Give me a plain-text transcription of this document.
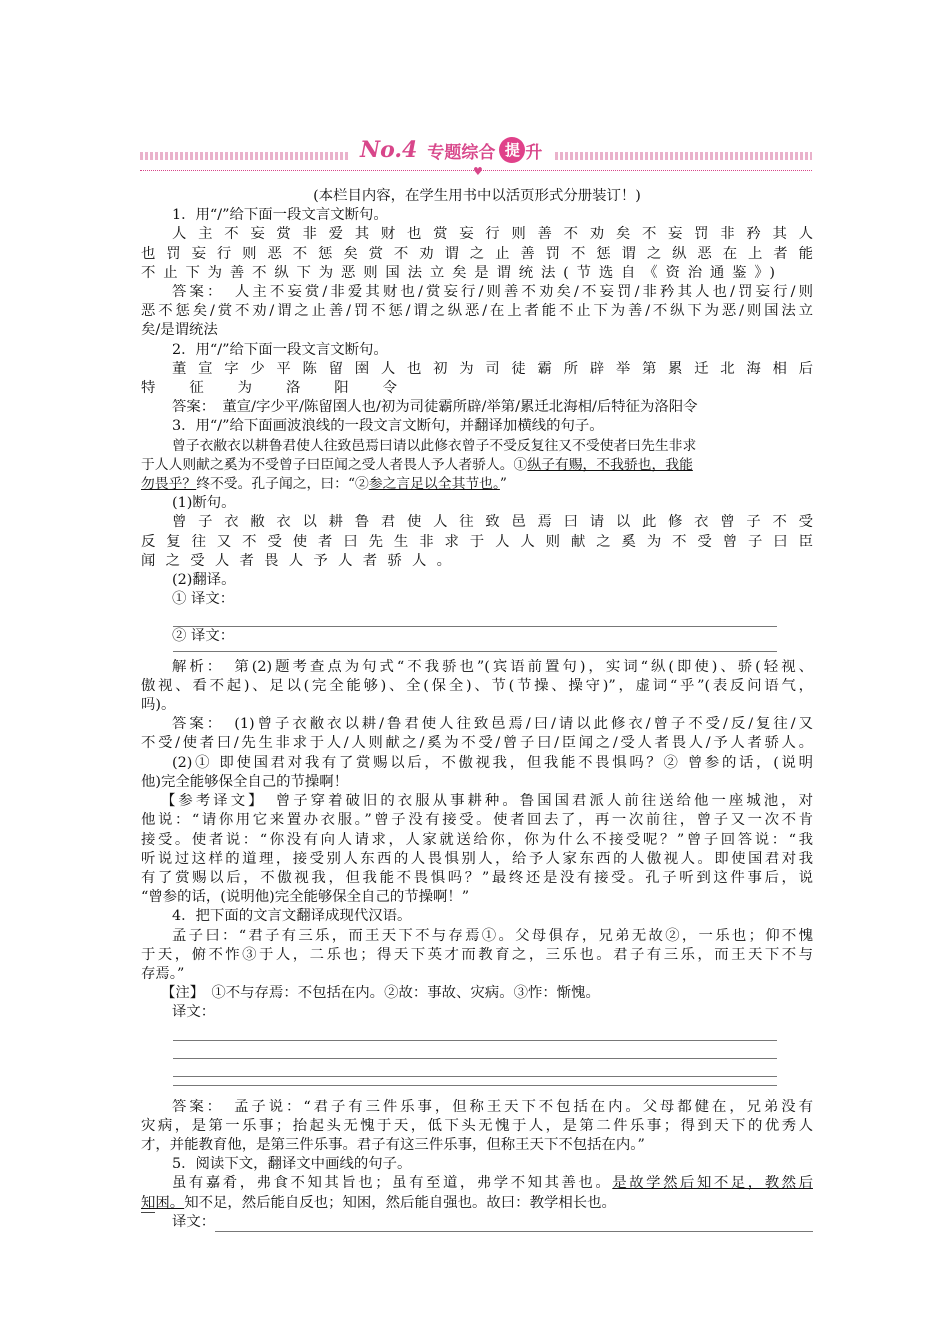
No.4 专题综合 提 升
♥

(本栏目内容，在学生用书中以活页形式分册装订！)

1．用“/”给下面一段文言文断句。

人主不妄赏非爱其财也赏妄行则善不劝矣不妄罚非矜其人

也罚妄行则恶不惩矣赏不劝谓之止善罚不惩谓之纵恶在上者能

不止下为善不纵下为恶则国法立矣是谓统法(节选自《资治通鉴》)

答案：　人主不妄赏/非爱其财也/赏妄行/则善不劝矣/不妄罚/非矜其人也/罚妄行/则

恶不惩矣/赏不劝/谓之止善/罚不惩/谓之纵恶/在上者能不止下为善/不纵下为恶/则国法立

矣/是谓统法

2．用“/”给下面一段文言文断句。

董宣字少平陈留圉人也初为司徒霸所辟举第累迁北海相后

特征为洛阳令

答案：　董宣/字少平/陈留圉人也/初为司徒霸所辟/举第/累迁北海相/后特征为洛阳令

3．用“/”给下面画波浪线的一段文言文断句，并翻译加横线的句子。

曾子衣敝衣以耕鲁君使人往致邑焉曰请以此修衣曾子不受反复往又不受使者曰先生非求

于人人则献之奚为不受曾子曰臣闻之受人者畏人予人者骄人。①纵子有赐，不我骄也，我能

勿畏乎？终不受。孔子闻之，曰：“②参之言足以全其节也。”

(1)断句。

曾子衣敝衣以耕鲁君使人往致邑焉曰请以此修衣曾子不受

反复往又不受使者曰先生非求于人人则献之奚为不受曾子曰臣

闻之受人者畏人予人者骄人。

(2)翻译。

① 译文：

② 译文：

解析：　第(2)题考查点为句式“不我骄也”(宾语前置句)，实词“纵(即使)、骄(轻视、

傲视、看不起)、足以(完全能够)、全(保全)、节(节操、操守)”，虚词“乎”(表反问语气，

吗)。

答案：　(1)曾子衣敝衣以耕/鲁君使人往致邑焉/曰/请以此修衣/曾子不受/反/复往/又

不受/使者曰/先生非求于人/人则献之/奚为不受/曾子曰/臣闻之/受人者畏人/予人者骄人。

(2)① 即使国君对我有了赏赐以后，不傲视我，但我能不畏惧吗？② 曾参的话，(说明

他)完全能够保全自己的节操啊！

【参考译文】　曾子穿着破旧的衣服从事耕种。鲁国国君派人前往送给他一座城池，对

他说：“请你用它来置办衣服。”曾子没有接受。使者回去了，再一次前往，曾子又一次不肯

接受。使者说：“你没有向人请求，人家就送给你，你为什么不接受呢？”曾子回答说：“我

听说过这样的道理，接受别人东西的人畏惧别人，给予人家东西的人傲视人。即使国君对我

有了赏赐以后，不傲视我，但我能不畏惧吗？”最终还是没有接受。孔子听到这件事后，说

“曾参的话，(说明他)完全能够保全自己的节操啊！”

4．把下面的文言文翻译成现代汉语。

孟子曰：“君子有三乐，而王天下不与存焉①。父母俱存，兄弟无故②，一乐也；仰不愧

于天，俯不怍③于人，二乐也；得天下英才而教育之，三乐也。君子有三乐，而王天下不与

存焉。”

【注】　①不与存焉：不包括在内。②故：事故、灾病。③怍：惭愧。

译文：

答案：　孟子说：“君子有三件乐事，但称王天下不包括在内。父母都健在，兄弟没有

灾病，是第一乐事；抬起头无愧于天，低下头无愧于人，是第二件乐事；得到天下的优秀人

才，并能教育他，是第三件乐事。君子有这三件乐事，但称王天下不包括在内。”

5．阅读下文，翻译文中画线的句子。

虽有嘉肴，弗食不知其旨也；虽有至道，弗学不知其善也。是故学然后知不足，教然后

知困。知不足，然后能自反也；知困，然后能自强也。故曰：教学相长也。

译文：
